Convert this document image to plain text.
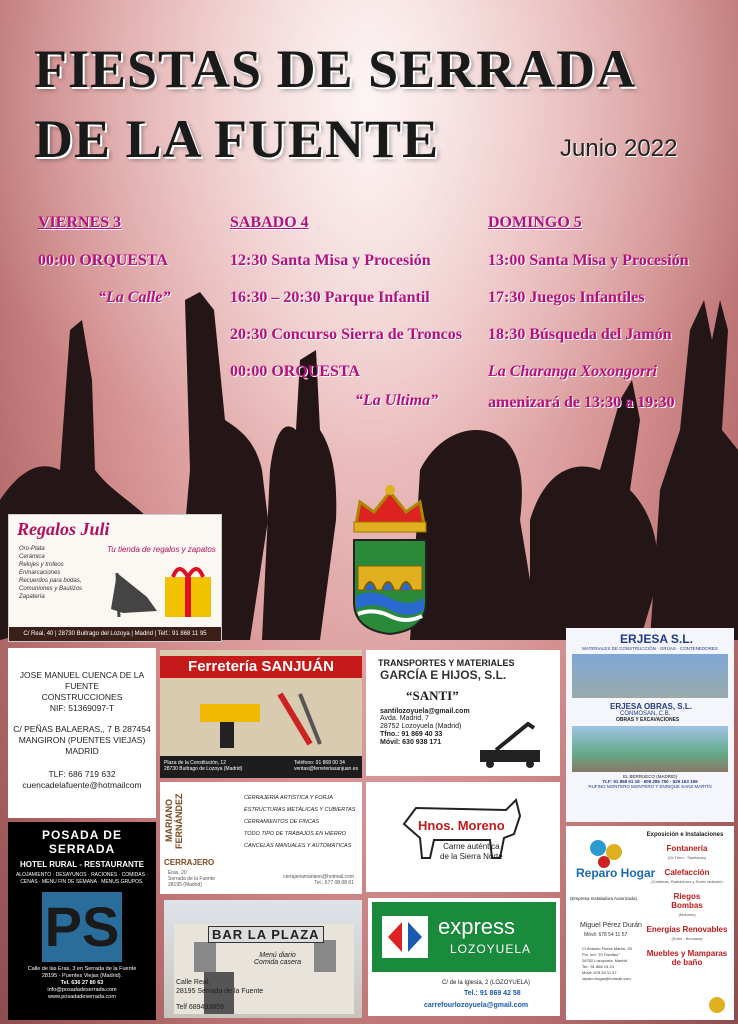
FIESTAS DE SERRADA
DE LA FUENTE	Junio 2022
VIERNES 3
00:00 ORQUESTA
“La Calle”
SABADO 4
12:30 Santa Misa y Procesión
16:30 – 20:30 Parque Infantil
20:30 Concurso Sierra de Troncos
00:00 ORQUESTA
“La Ultima”
DOMINGO 5
13:00 Santa Misa y Procesión
17:30 Juegos Infantiles
18:30 Búsqueda del Jamón
La Charanga Xoxongorri
amenizará de 13:30 a 19:30
Regalos Juli
Tu tienda de regalos y zapatos
Oro-Plata
Cerámica
Relojes y trofeos
Enmarcaciones
Recuerdos para bodas, Comuniones y Bautizos
Zapatería
C/ Real, 40 | 28730 Buitrago del Lozoya | Madrid | Telf.: 91 868 11 95
JOSE MANUEL CUENCA DE LA FUENTE
CONSTRUCCIONES
NIF: 51369097-T
C/ PEÑAS BALAERAS,, 7 B 287454
MANGIRON (PUENTES VIEJAS)
MADRID
TLF: 686 719 632
cuencadelafuente@hotmailcom
POSADA DE SERRADA
HOTEL RURAL - RESTAURANTE
ALOJAMIENTO · DESAYUNOS · RACIONES · COMIDAS · CENAS · MENU FIN DE SEMANA · MENUS GRUPOS.
PS
Calle de las Eras, 3 en Serrada de la Fuente
28195 - Puentes Viejas (Madrid).
Tel. 636 27 80 63
info@posadadeserrada.com
www.posadadeserrada.com
Ferretería SANJUÁN
Plaza de la Constitución, 12
28730 Buitrago de Lozoya (Madrid)
Teléfono: 91 868 00 34
ventas@ferreteriasanjuan.es
TRANSPORTES Y MATERIALES
GARCÍA E HIJOS, S.L.
“SANTI”
santilozoyuela@gmail.com
Avda. Madrid, 7
28752 Lozoyuela (Madrid)
Tfno.: 91 869 40 33
Móvil: 630 938 171
ERJESA S.L.
MATERIALES DE CONSTRUCCIÓN · GRÚAS · CONTENEDORES
ERJESA OBRAS, S.L.
CONMOSAN, C.B.
OBRAS Y EXCAVACIONES
EL BERRUECO (MADRID)
TLF: 91 868 61 18 · 609 285 750 · 629 163 169
RUFINO MONTERO MONTERO Y ENRIQUE SANZ MARTÍN
MARIANO FERNÁNDEZ
CERRAJERO
CERRAJERÍA ARTÍSTICA Y FORJA
ESTRUCTURAS METÁLICAS Y CUBIERTAS
CERRAMIENTOS DE FINCAS
TODO TIPO DE TRABAJOS EN HIERRO
CANCELAS MANUALES Y AUTOMÁTICAS
Eras, 20
Serrada de la Fuente
28195 (Madrid)
cerrajeriamariano@hotmail.com
Tel.: 677 08 08 61
Hnos. Moreno
Carne auténtica
de la Sierra Norte
Reparo Hogar
(Empresa Instaladora Autorizada)
Exposición e Instalaciones
Fontanería
(Gr.Térm - Sanitarios)
Calefacción
(Calderas, Radiadores y Suelo radiante)
Riegos
Bombas
(Motores)
Energías Renovables
(Solar - Biomasa)
Muebles y Mamparas de baño
Miguel Pérez Durán
Móvil: 678 54 11 57
C/ Antonio Flores Martín, 33
Pol. Ind. "El Familiar"
28752 Lozoyuela, Madrid
Tel.: 91 868 15 24
Móvil: 678 54 11 57
reparo-hogar@hotmail.com
BAR LA PLAZA
Menú diario
Comida casera
Calle Real,
28195 Serrada de la Fuente
Telf 689493859
express
LOZOYUELA
C/ de la Iglesia, 2 (LOZOYUELA)
Tel.: 91 869 42 58
carrefourlozoyuela@gmail.com
